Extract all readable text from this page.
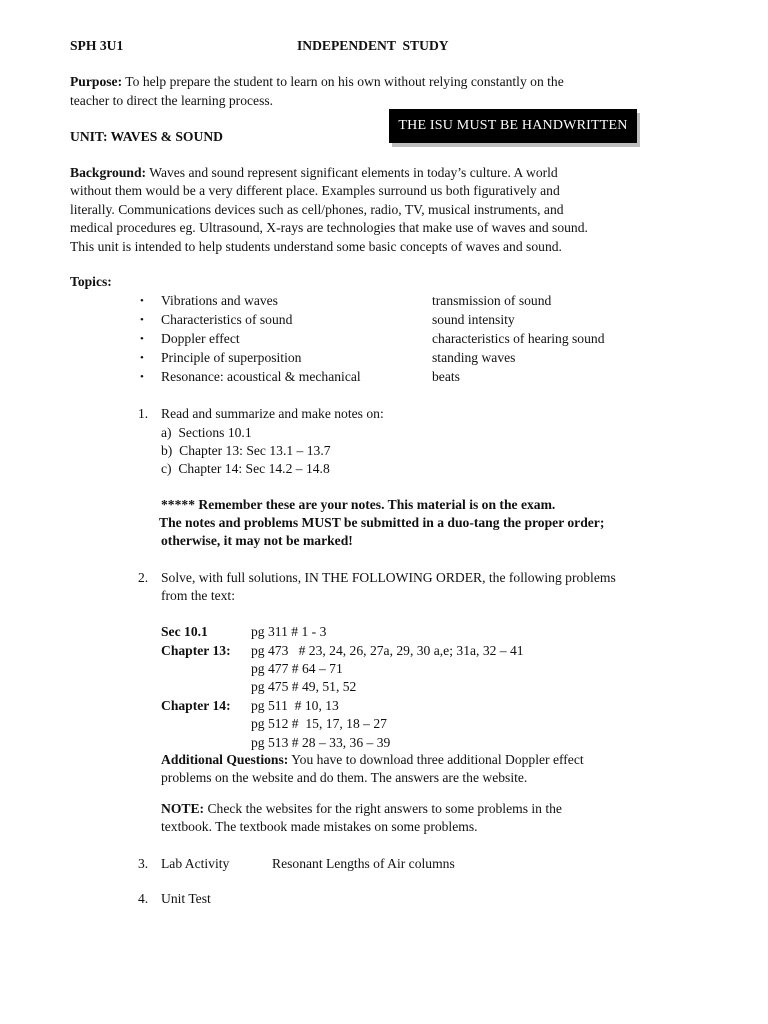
SPH 3U1	INDEPENDENT  STUDY
Purpose: To help prepare the student to learn on his own without relying constantly on the
teacher to direct the learning process.
UNIT: WAVES & SOUND
THE ISU MUST BE HANDWRITTEN
Background: Waves and sound represent significant elements in today’s culture. A world
without them would be a very different place. Examples surround us both figuratively and
literally. Communications devices such as cell/phones, radio, TV, musical instruments, and
medical procedures eg. Ultrasound, X-rays are technologies that make use of waves and sound.
This unit is intended to help students understand some basic concepts of waves and sound.
Topics:
•	Vibrations and waves	transmission of sound
•	Characteristics of sound	sound intensity
•	Doppler effect	characteristics of hearing sound
•	Principle of superposition	standing waves
•	Resonance: acoustical & mechanical	beats
1. Read and summarize and make notes on:
a)  Sections 10.1
b)  Chapter 13: Sec 13.1 – 13.7
c)  Chapter 14: Sec 14.2 – 14.8
***** Remember these are your notes. This material is on the exam.
The notes and problems MUST be submitted in a duo-tang the proper order;
otherwise, it may not be marked!
2. Solve, with full solutions, IN THE FOLLOWING ORDER, the following problems
from the text:
Sec 10.1	pg 311 # 1 - 3
Chapter 13: pg 473   # 23, 24, 26, 27a, 29, 30 a,e; 31a, 32 – 41
pg 477 # 64 – 71
pg 475 # 49, 51, 52
Chapter 14: pg 511  # 10, 13
pg 512 #  15, 17, 18 – 27
pg 513 # 28 – 33, 36 – 39
Additional Questions: You have to download three additional Doppler effect
problems on the website and do them. The answers are the website.
NOTE: Check the websites for the right answers to some problems in the
textbook. The textbook made mistakes on some problems.
3. Lab Activity	Resonant Lengths of Air columns
4. Unit Test
